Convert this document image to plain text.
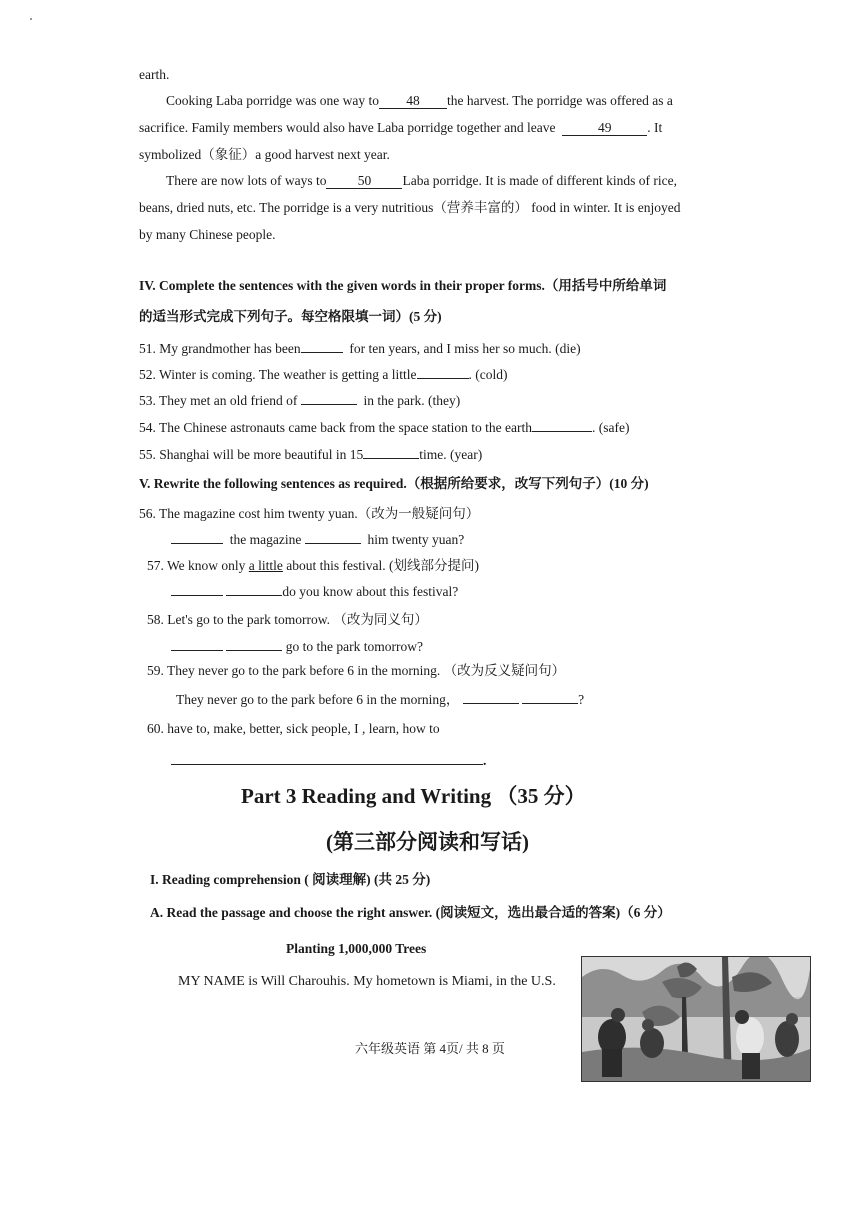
earth.
Cooking Laba porridge was one way to 48 the harvest. The porridge was offered as a
sacrifice. Family members would also have Laba porridge together and leave	49	. It
symbolized（象征）a good harvest next year.
There are now lots of ways to 50 Laba porridge. It is made of different kinds of rice,
beans, dried nuts, etc. The porridge is a very nutritious（营养丰富的） food in winter. It is enjoyed
by many Chinese people.
IV. Complete the sentences with the given words in their proper forms.（用括号中所给单词
的适当形式完成下列句子。每空格限填一词）(5 分)
51. My grandmother has been	for ten years, and I miss her so much. (die)
52. Winter is coming. The weather is getting a little	. (cold)
53. They met an old friend of	in the park. (they)
54. The Chinese astronauts came back from the space station to the earth	. (safe)
55. Shanghai will be more beautiful in 15	time. (year)
V. Rewrite the following sentences as required.（根据所给要求，改写下列句子）(10 分)
56. The magazine cost him twenty yuan.（改为一般疑问句）
the magazine	him twenty yuan?
57. We know only a little about this festival. (划线部分提问)
do you know about this festival?
58. Let's go to the park tomorrow. （改为同义句）
go to the park tomorrow?
59. They never go to the park before 6 in the morning. （改为反义疑问句）
They never go to the park before 6 in the morning，	?
60. have to, make, better, sick people, I , learn, how to
.
Part 3 Reading and Writing （35 分）
(第三部分阅读和写话)
I. Reading comprehension ( 阅读理解) (共 25 分)
A. Read the passage and choose the right answer. (阅读短文，选出最合适的答案)（6 分）
Planting 1,000,000 Trees
MY NAME is Will Charouhis. My hometown is Miami, in the U.S.
六年级英语 第 4页/ 共 8 页
